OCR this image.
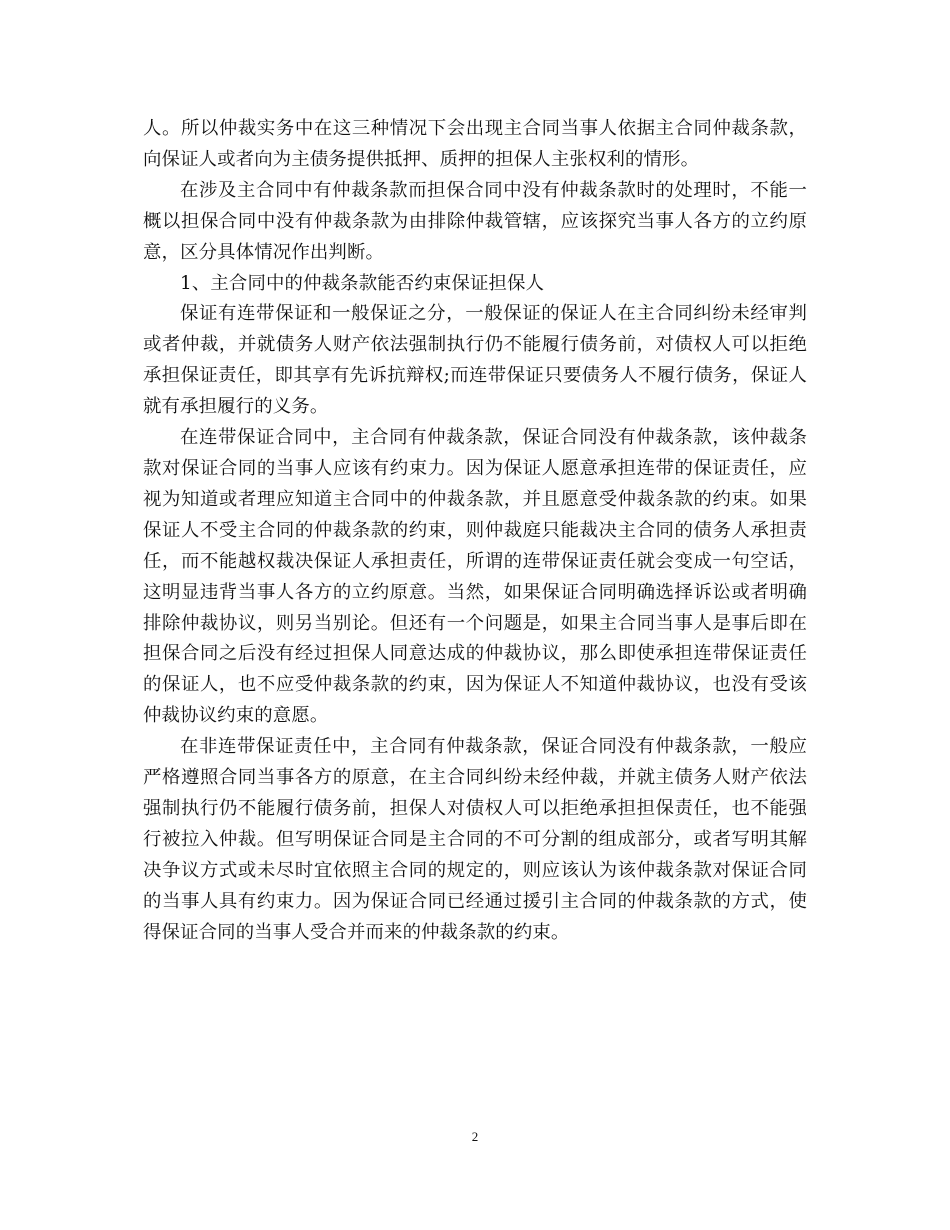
人。所以仲裁实务中在这三种情况下会出现主合同当事人依据主合同仲裁条款，向保证人或者向为主债务提供抵押、质押的担保人主张权利的情形。

在涉及主合同中有仲裁条款而担保合同中没有仲裁条款时的处理时，不能一概以担保合同中没有仲裁条款为由排除仲裁管辖，应该探究当事人各方的立约原意，区分具体情况作出判断。

1、主合同中的仲裁条款能否约束保证担保人

保证有连带保证和一般保证之分，一般保证的保证人在主合同纠纷未经审判或者仲裁，并就债务人财产依法强制执行仍不能履行债务前，对债权人可以拒绝承担保证责任，即其享有先诉抗辩权;而连带保证只要债务人不履行债务，保证人就有承担履行的义务。

在连带保证合同中，主合同有仲裁条款，保证合同没有仲裁条款，该仲裁条款对保证合同的当事人应该有约束力。因为保证人愿意承担连带的保证责任，应视为知道或者理应知道主合同中的仲裁条款，并且愿意受仲裁条款的约束。如果保证人不受主合同的仲裁条款的约束，则仲裁庭只能裁决主合同的债务人承担责任，而不能越权裁决保证人承担责任，所谓的连带保证责任就会变成一句空话，这明显违背当事人各方的立约原意。当然，如果保证合同明确选择诉讼或者明确排除仲裁协议，则另当别论。但还有一个问题是，如果主合同当事人是事后即在担保合同之后没有经过担保人同意达成的仲裁协议，那么即使承担连带保证责任的保证人，也不应受仲裁条款的约束，因为保证人不知道仲裁协议，也没有受该仲裁协议约束的意愿。

在非连带保证责任中，主合同有仲裁条款，保证合同没有仲裁条款，一般应严格遵照合同当事各方的原意，在主合同纠纷未经仲裁，并就主债务人财产依法强制执行仍不能履行债务前，担保人对债权人可以拒绝承担担保责任，也不能强行被拉入仲裁。但写明保证合同是主合同的不可分割的组成部分，或者写明其解决争议方式或未尽时宜依照主合同的规定的，则应该认为该仲裁条款对保证合同的当事人具有约束力。因为保证合同已经通过援引主合同的仲裁条款的方式，使得保证合同的当事人受合并而来的仲裁条款的约束。

2
